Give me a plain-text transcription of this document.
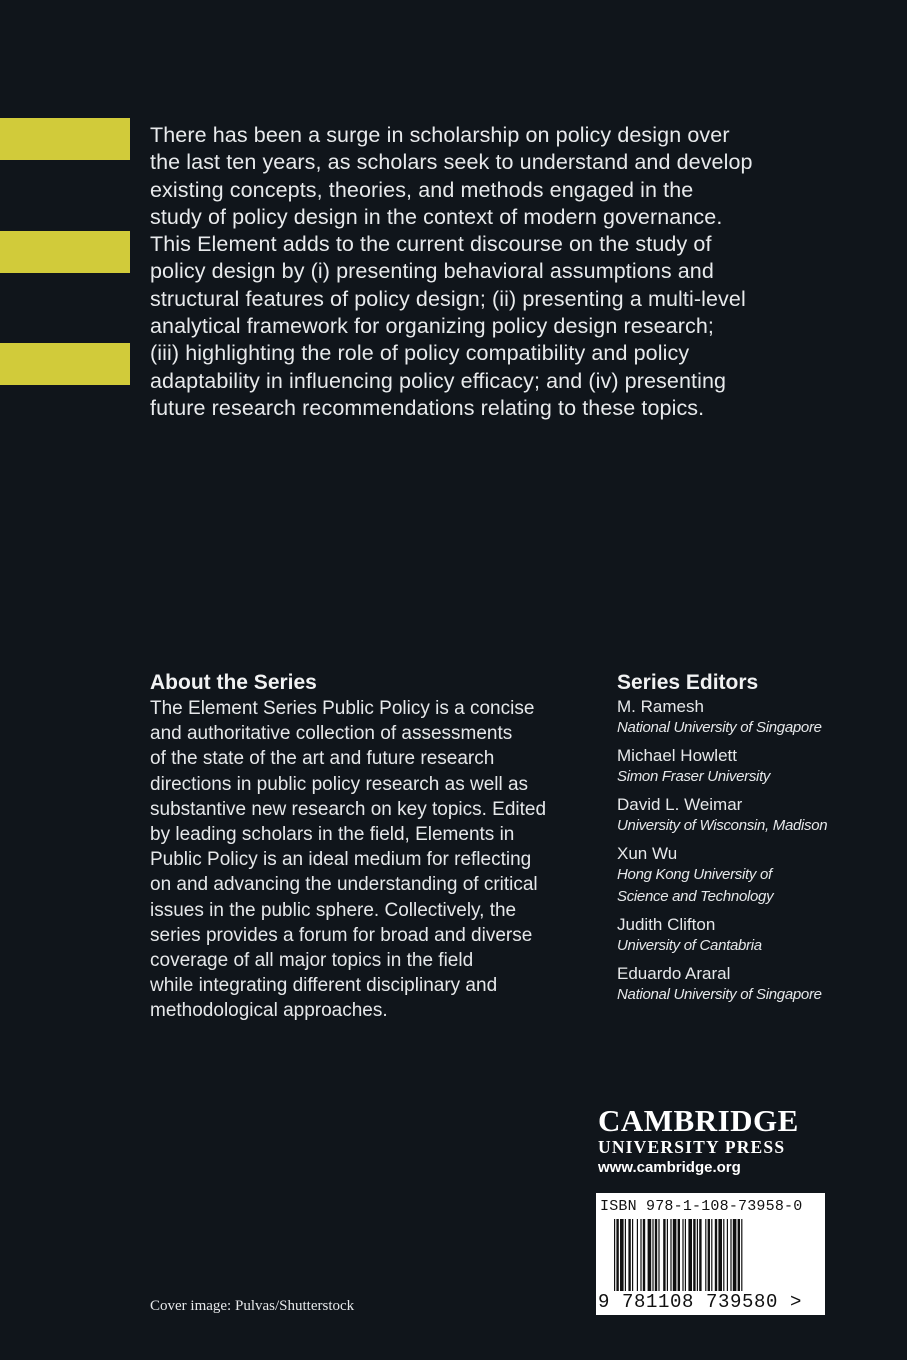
There has been a surge in scholarship on policy design over
the last ten years, as scholars seek to understand and develop
existing concepts, theories, and methods engaged in the
study of policy design in the context of modern governance.
This Element adds to the current discourse on the study of
policy design by (i) presenting behavioral assumptions and
structural features of policy design; (ii) presenting a multi-level
analytical framework for organizing policy design research;
(iii) highlighting the role of policy compatibility and policy
adaptability in influencing policy efficacy; and (iv) presenting
future research recommendations relating to these topics.
About the Series
The Element Series Public Policy is a concise
and authoritative collection of assessments
of the state of the art and future research
directions in public policy research as well as
substantive new research on key topics. Edited
by leading scholars in the field, Elements in
Public Policy is an ideal medium for reflecting
on and advancing the understanding of critical
issues in the public sphere. Collectively, the
series provides a forum for broad and diverse
coverage of all major topics in the field
while integrating different disciplinary and
methodological approaches.
Series Editors
M. Ramesh
National University of Singapore
Michael Howlett
Simon Fraser University
David L. Weimar
University of Wisconsin, Madison
Xun Wu
Hong Kong University of
Science and Technology
Judith Clifton
University of Cantabria
Eduardo Araral
National University of Singapore
CAMBRIDGE
UNIVERSITY PRESS
www.cambridge.org
ISBN 978-1-108-73958-0
9 781108 739580 >
Cover image: Pulvas/Shutterstock
